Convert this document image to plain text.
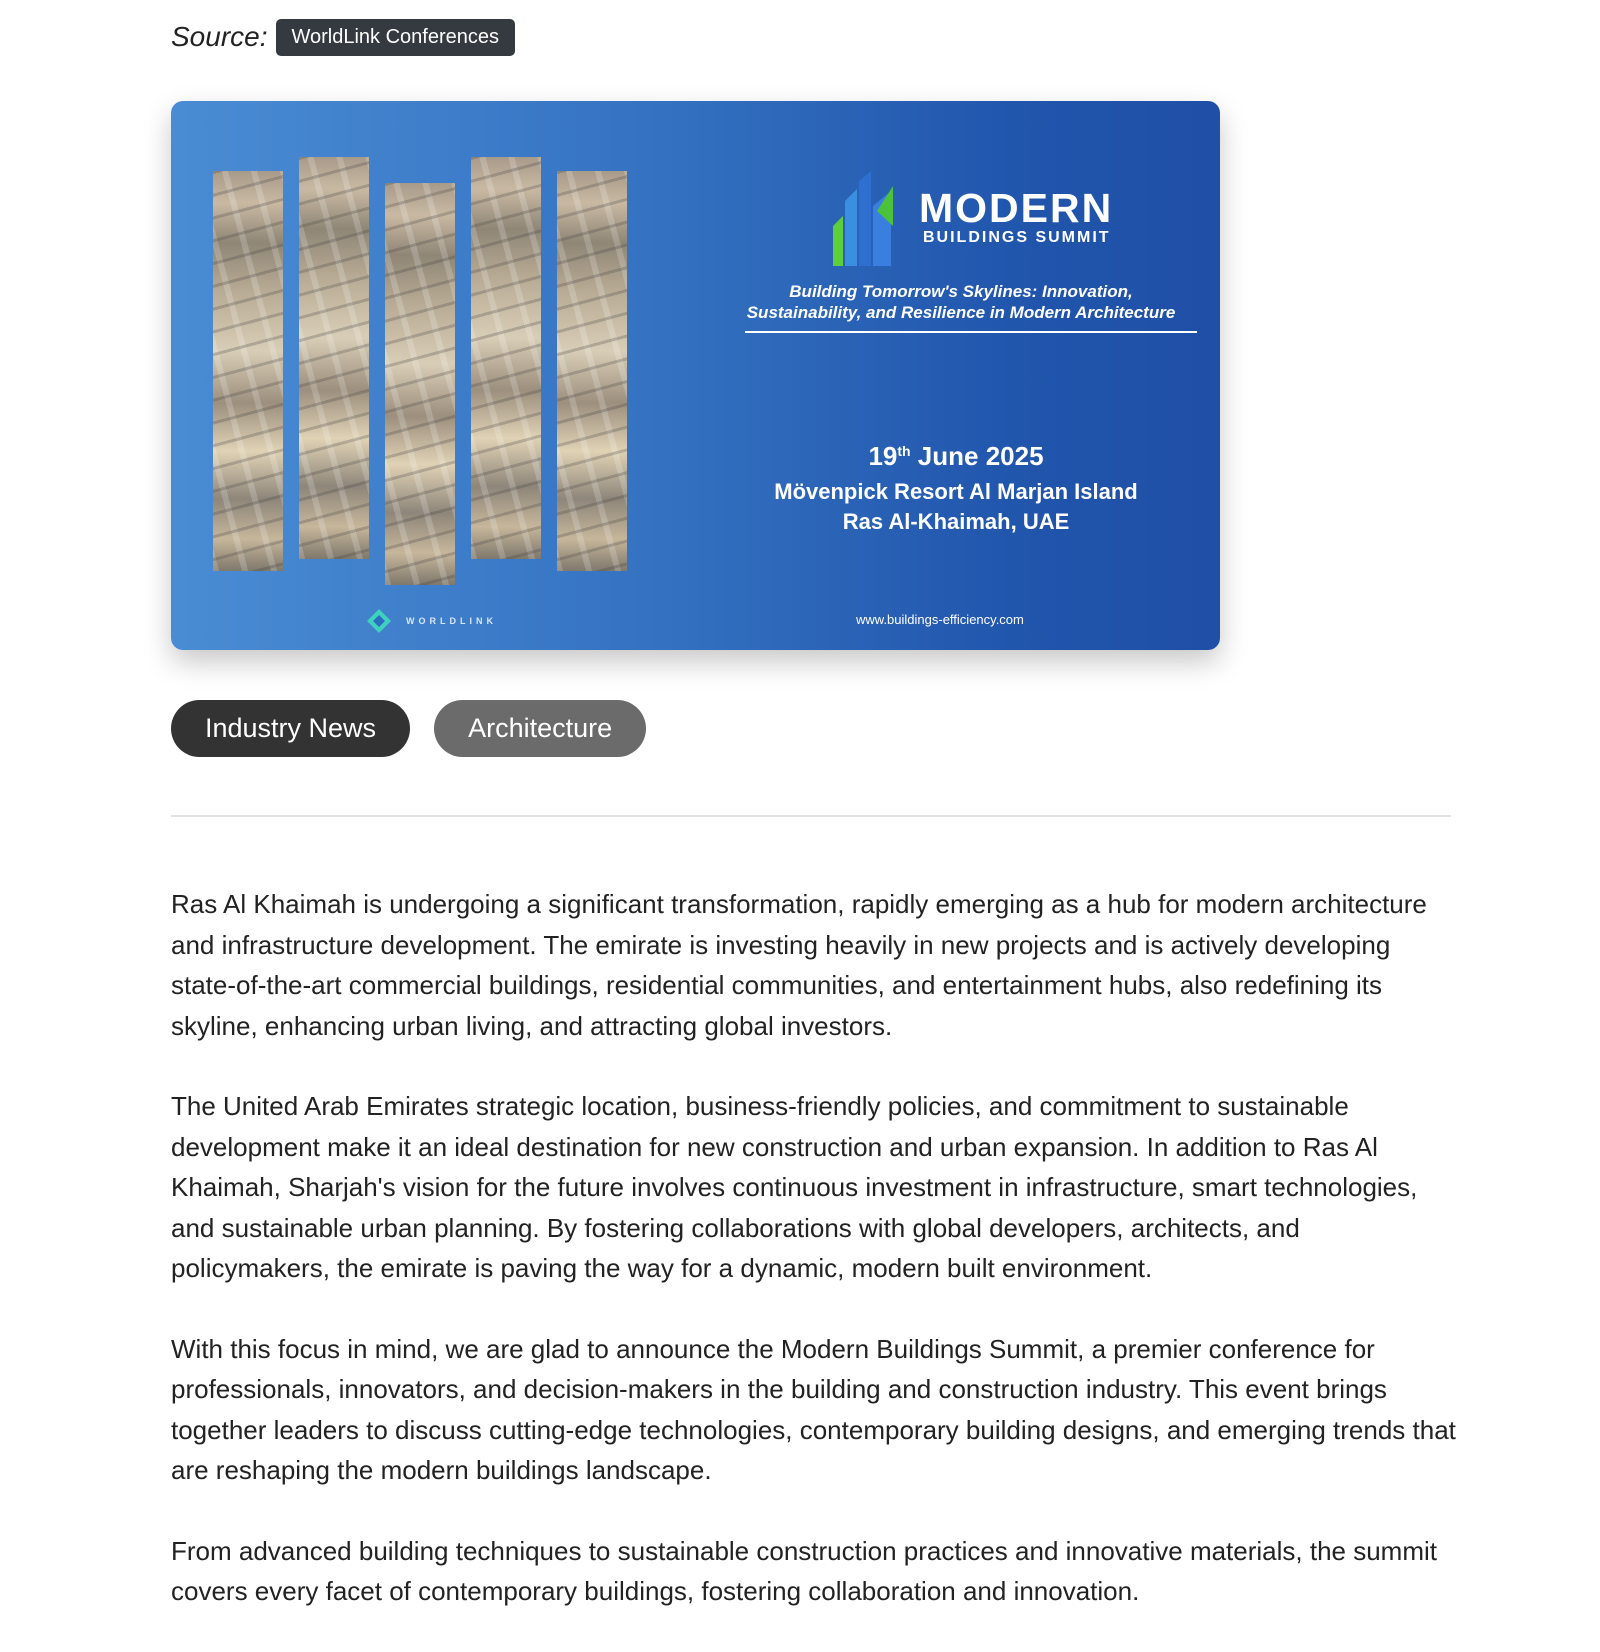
Source:	WorldLink Conferences
MODERN
BUILDINGS SUMMIT
Building Tomorrow's Skylines: Innovation,
Sustainability, and Resilience in Modern Architecture
19th June 2025
Mövenpick Resort Al Marjan Island
Ras Al-Khaimah, UAE
WORLDLINK	www.buildings-efficiency.com
Industry News	Architecture

Ras Al Khaimah is undergoing a significant transformation, rapidly emerging as a hub for modern architecture and infrastructure development. The emirate is investing heavily in new projects and is actively developing state-of-the-art commercial buildings, residential communities, and entertainment hubs, also redefining its skyline, enhancing urban living, and attracting global investors.

The United Arab Emirates strategic location, business-friendly policies, and commitment to sustainable development make it an ideal destination for new construction and urban expansion. In addition to Ras Al Khaimah, Sharjah's vision for the future involves continuous investment in infrastructure, smart technologies, and sustainable urban planning. By fostering collaborations with global developers, architects, and policymakers, the emirate is paving the way for a dynamic, modern built environment.

With this focus in mind, we are glad to announce the Modern Buildings Summit, a premier conference for professionals, innovators, and decision-makers in the building and construction industry. This event brings together leaders to discuss cutting-edge technologies, contemporary building designs, and emerging trends that are reshaping the modern buildings landscape.

From advanced building techniques to sustainable construction practices and innovative materials, the summit covers every facet of contemporary buildings, fostering collaboration and innovation.
